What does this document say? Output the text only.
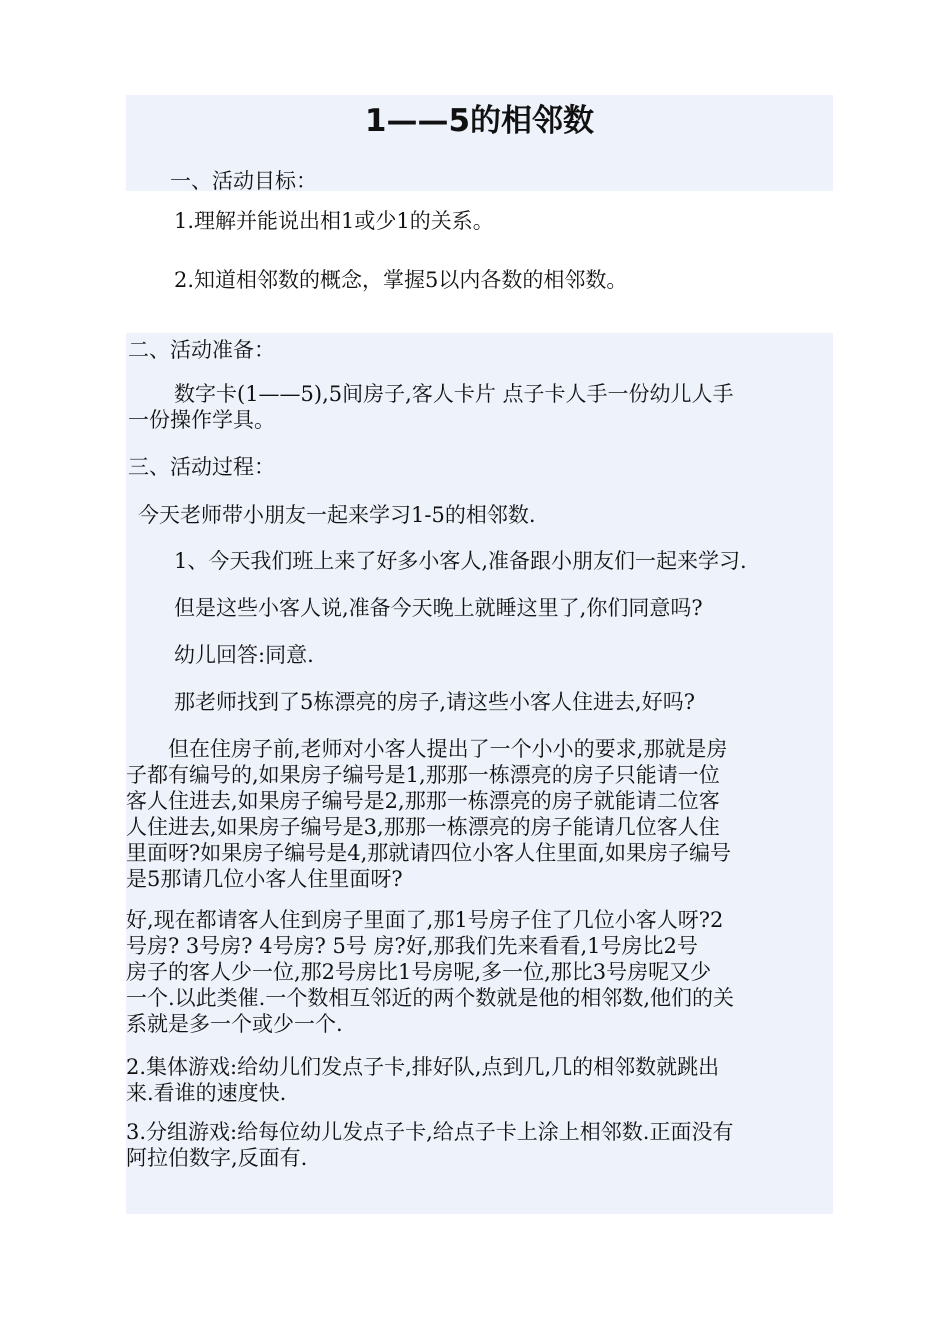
1——5的相邻数
一、活动目标：
1.理解并能说出相1或少1的关系。
2.知道相邻数的概念，掌握5以内各数的相邻数。
二、活动准备：
数字卡(1——5),5间房子,客人卡片 点子卡人手一份幼儿人手
一份操作学具。
三、活动过程：
今天老师带小朋友一起来学习1-5的相邻数.
1、今天我们班上来了好多小客人,准备跟小朋友们一起来学习.
但是这些小客人说,准备今天晚上就睡这里了,你们同意吗?
幼儿回答:同意.
那老师找到了5栋漂亮的房子,请这些小客人住进去,好吗?
　　但在住房子前,老师对小客人提出了一个小小的要求,那就是房
子都有编号的,如果房子编号是1,那那一栋漂亮的房子只能请一位
客人住进去,如果房子编号是2,那那一栋漂亮的房子就能请二位客
人住进去,如果房子编号是3,那那一栋漂亮的房子能请几位客人住
里面呀?如果房子编号是4,那就请四位小客人住里面,如果房子编号
是5那请几位小客人住里面呀?
好,现在都请客人住到房子里面了,那1号房子住了几位小客人呀?2
号房? 3号房? 4号房? 5号 房?好,那我们先来看看,1号房比2号
房子的客人少一位,那2号房比1号房呢,多一位,那比3号房呢又少
一个.以此类催.一个数相互邻近的两个数就是他的相邻数,他们的关
系就是多一个或少一个.
2.集体游戏:给幼儿们发点子卡,排好队,点到几,几的相邻数就跳出
来.看谁的速度快.
3.分组游戏:给每位幼儿发点子卡,给点子卡上涂上相邻数.正面没有
阿拉伯数字,反面有.
